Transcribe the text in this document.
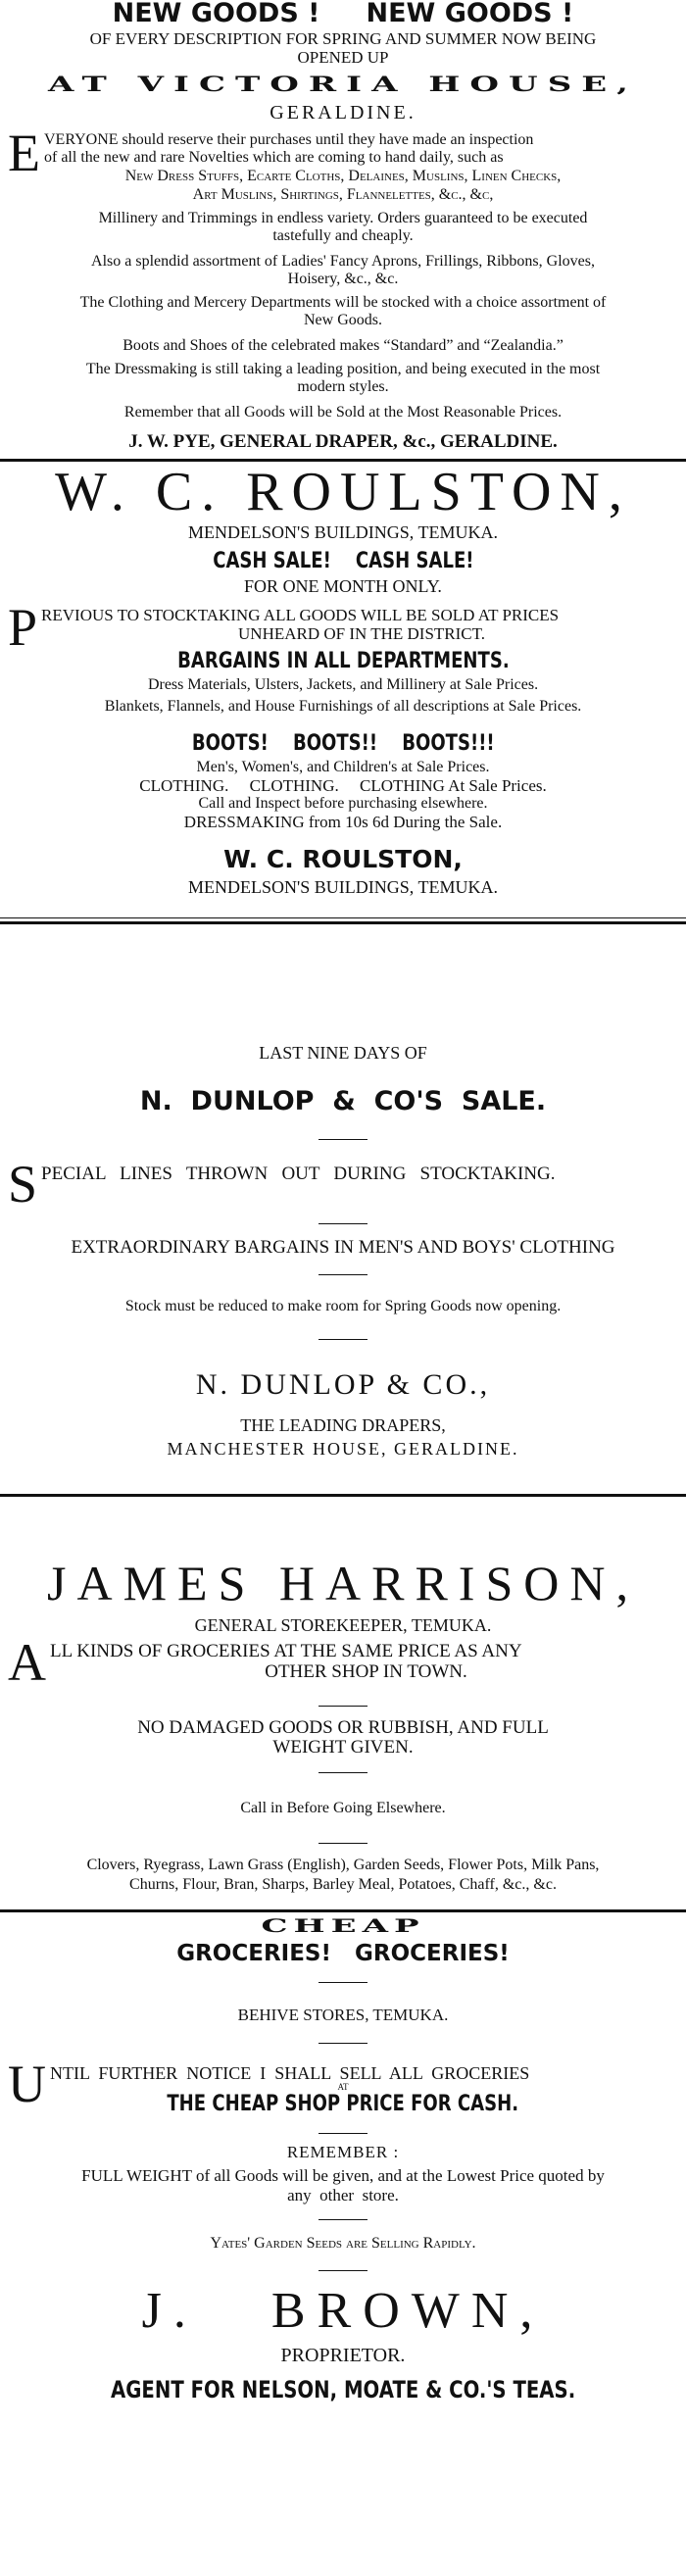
NEW GOODS !     NEW GOODS !
OF EVERY DESCRIPTION FOR SPRING AND SUMMER NOW BEING
OPENED UP
AT VICTORIA HOUSE,
GERALDINE.
E VERYONE should reserve their purchases until they have made an inspection
of all the new and rare Novelties which are coming to hand daily, such as
New Dress Stuffs, Ecarte Cloths, Delaines, Muslins, Linen Checks,
Art Muslins, Shirtings, Flannelettes, &c., &c,
Millinery and Trimmings in endless variety. Orders guaranteed to be executed
tastefully and cheaply.
Also a splendid assortment of Ladies' Fancy Aprons, Frillings, Ribbons, Gloves,
Hoisery, &c., &c.
The Clothing and Mercery Departments will be stocked with a choice assortment of
New Goods.
Boots and Shoes of the celebrated makes “Standard” and “Zealandia.”
The Dressmaking is still taking a leading position, and being executed in the most
modern styles.
Remember that all Goods will be Sold at the Most Reasonable Prices.
J. W. PYE, GENERAL DRAPER, &c., GERALDINE.
W. C. ROULSTON,
MENDELSON'S BUILDINGS, TEMUKA.
CASH SALE!    CASH SALE!
FOR ONE MONTH ONLY.
P REVIOUS TO STOCKTAKING ALL GOODS WILL BE SOLD AT PRICES
UNHEARD OF IN THE DISTRICT.
BARGAINS IN ALL DEPARTMENTS.
Dress Materials, Ulsters, Jackets, and Millinery at Sale Prices.
Blankets, Flannels, and House Furnishings of all descriptions at Sale Prices.
BOOTS!    BOOTS!!    BOOTS!!!
Men's, Women's, and Children's at Sale Prices.
CLOTHING.     CLOTHING.     CLOTHING At Sale Prices.
Call and Inspect before purchasing elsewhere.
DRESSMAKING from 10s 6d During the Sale.
W. C. ROULSTON,
MENDELSON'S BUILDINGS, TEMUKA.
LAST NINE DAYS OF
N.  DUNLOP  &  CO'S  SALE.
S PECIAL   LINES   THROWN   OUT   DURING   STOCKTAKING.
EXTRAORDINARY BARGAINS IN MEN'S AND BOYS' CLOTHING
Stock must be reduced to make room for Spring Goods now opening.
N. DUNLOP & CO.,
THE LEADING DRAPERS,
MANCHESTER HOUSE, GERALDINE.
JAMES HARRISON,
GENERAL STOREKEEPER, TEMUKA.
A LL KINDS OF GROCERIES AT THE SAME PRICE AS ANY
OTHER SHOP IN TOWN.
NO DAMAGED GOODS OR RUBBISH, AND FULL
WEIGHT GIVEN.
Call in Before Going Elsewhere.
Clovers, Ryegrass, Lawn Grass (English), Garden Seeds, Flower Pots, Milk Pans,
Churns, Flour, Bran, Sharps, Barley Meal, Potatoes, Chaff, &c., &c.
CHEAP
GROCERIES!   GROCERIES!
BEHIVE STORES, TEMUKA.
U NTIL  FURTHER  NOTICE  I  SHALL  SELL  ALL  GROCERIES
AT
THE CHEAP SHOP PRICE FOR CASH.
REMEMBER :
FULL WEIGHT of all Goods will be given, and at the Lowest Price quoted by
any  other  store.
Yates' Garden Seeds are Selling Rapidly.
J.   BROWN,
PROPRIETOR.
AGENT FOR NELSON, MOATE & CO.'S TEAS.
